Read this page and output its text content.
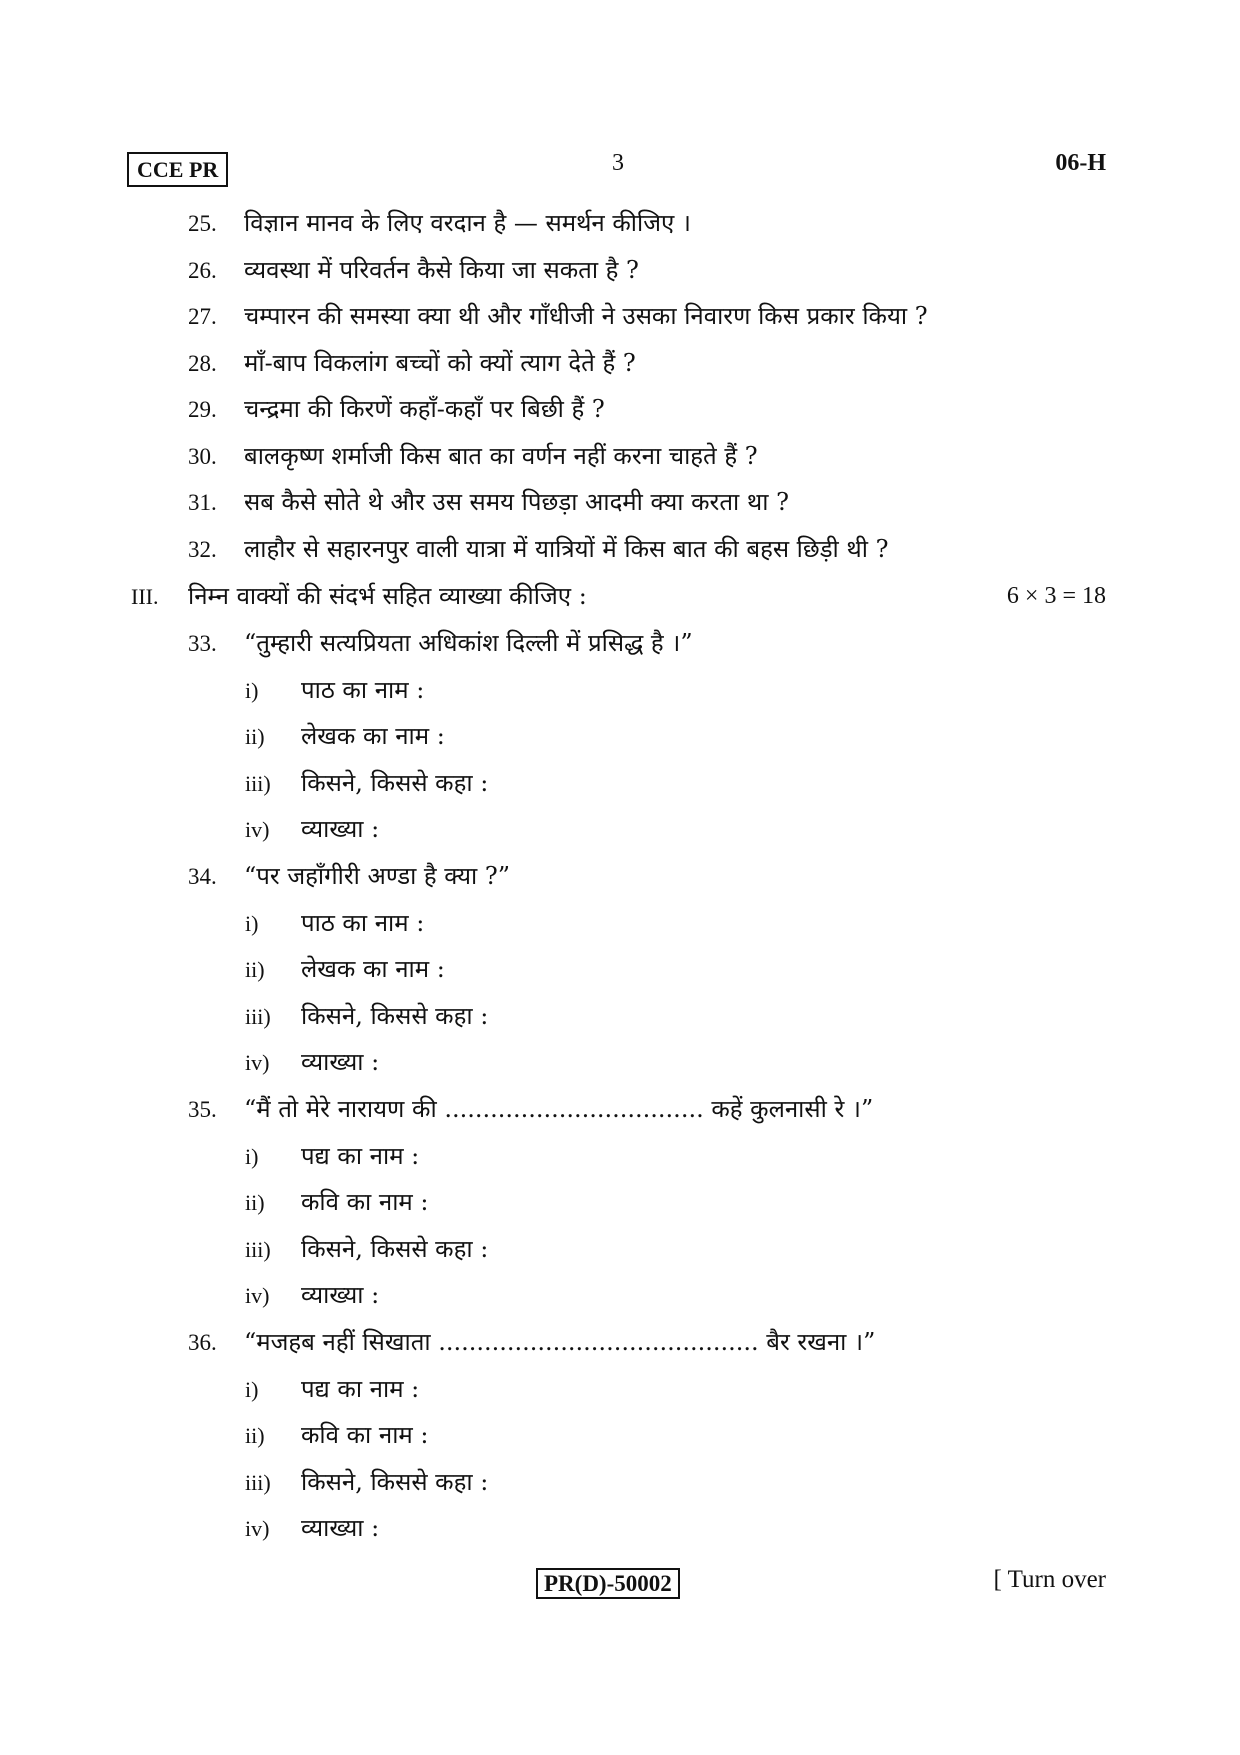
CCE PR	3	06-H
25. विज्ञान मानव के लिए वरदान है — समर्थन कीजिए ।
26. व्यवस्था में परिवर्तन कैसे किया जा सकता है ?
27. चम्पारन की समस्या क्या थी और गाँधीजी ने उसका निवारण किस प्रकार किया ?
28. माँ-बाप विकलांग बच्चों को क्यों त्याग देते हैं ?
29. चन्द्रमा की किरणें कहाँ-कहाँ पर बिछी हैं ?
30. बालकृष्ण शर्माजी किस बात का वर्णन नहीं करना चाहते हैं ?
31. सब कैसे सोते थे और उस समय पिछड़ा आदमी क्या करता था ?
32. लाहौर से सहारनपुर वाली यात्रा में यात्रियों में किस बात की बहस छिड़ी थी ?
III. निम्न वाक्यों की संदर्भ सहित व्याख्या कीजिए :	6 × 3 = 18
33. “तुम्हारी सत्यप्रियता अधिकांश दिल्ली में प्रसिद्ध है ।”
i) पाठ का नाम :
ii) लेखक का नाम :
iii) किसने, किससे कहा :
iv) व्याख्या :
34. “पर जहाँगीरी अण्डा है क्या ?”
i) पाठ का नाम :
ii) लेखक का नाम :
iii) किसने, किससे कहा :
iv) व्याख्या :
35. “मैं तो मेरे नारायण की .................................. कहें कुलनासी रे ।”
i) पद्य का नाम :
ii) कवि का नाम :
iii) किसने, किससे कहा :
iv) व्याख्या :
36. “मजहब नहीं सिखाता .......................................... बैर रखना ।”
i) पद्य का नाम :
ii) कवि का नाम :
iii) किसने, किससे कहा :
iv) व्याख्या :
PR(D)-50002	[ Turn over
